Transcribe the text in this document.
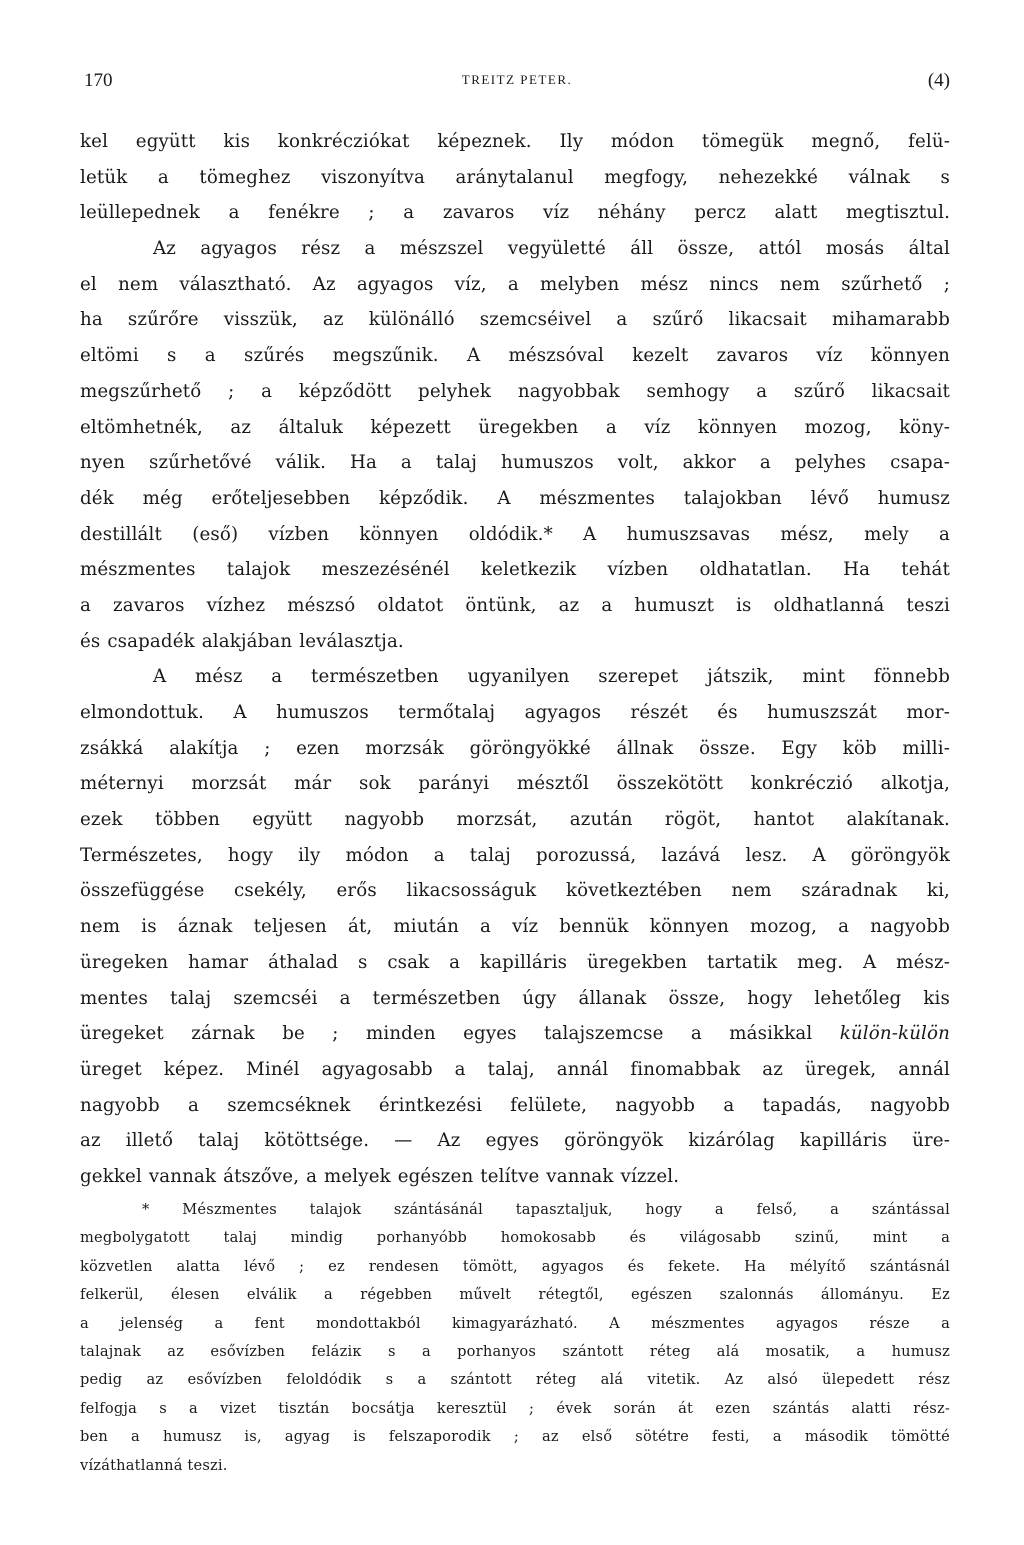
170	TREITZ PETER.	(4)
kel együtt kis konkrécziókat képeznek. Ily módon tömegük megnő, felü-
letük a tömeghez viszonyítva aránytalanul megfogy, nehezekké válnak s
leüllepednek a fenékre ; a zavaros víz néhány percz alatt megtisztul.
Az agyagos rész a mészszel vegyületté áll össze, attól mosás által
el nem választható. Az agyagos víz, a melyben mész nincs nem szűrhető ;
ha szűrőre visszük, az különálló szemcséivel a szűrő likacsait mihamarabb
eltömi s a szűrés megszűnik. A mészsóval kezelt zavaros víz könnyen
megszűrhető ; a képződött pelyhek nagyobbak semhogy a szűrő likacsait
eltömhetnék, az általuk képezett üregekben a víz könnyen mozog, köny-
nyen szűrhetővé válik. Ha a talaj humuszos volt, akkor a pelyhes csapa-
dék még erőteljesebben képződik. A mészmentes talajokban lévő humusz
destillált (eső) vízben könnyen oldódik.* A humuszsavas mész, mely a
mészmentes talajok meszezésénél keletkezik vízben oldhatatlan. Ha tehát
a zavaros vízhez mészsó oldatot öntünk, az a humuszt is oldhatlanná teszi
és csapadék alakjában leválasztja.
A mész a természetben ugyanilyen szerepet játszik, mint fönnebb
elmondottuk. A humuszos termőtalaj agyagos részét és humuszszát mor-
zsákká alakítja ; ezen morzsák göröngyökké állnak össze. Egy köb milli-
méternyi morzsát már sok parányi mésztől összekötött konkréczió alkotja,
ezek többen együtt nagyobb morzsát, azután rögöt, hantot alakítanak.
Természetes, hogy ily módon a talaj porozussá, lazává lesz. A göröngyök
összefüggése csekély, erős likacsosságuk következtében nem száradnak ki,
nem is áznak teljesen át, miután a víz bennük könnyen mozog, a nagyobb
üregeken hamar áthalad s csak a kapilláris üregekben tartatik meg. A mész-
mentes talaj szemcséi a természetben úgy állanak össze, hogy lehetőleg kis
üregeket zárnak be ; minden egyes talajszemcse a másikkal külön-külön
üreget képez. Minél agyagosabb a talaj, annál finomabbak az üregek, annál
nagyobb a szemcséknek érintkezési felülete, nagyobb a tapadás, nagyobb
az illető talaj kötöttsége. — Az egyes göröngyök kizárólag kapilláris üre-
gekkel vannak átszőve, a melyek egészen telítve vannak vízzel.
* Mészmentes talajok szántásánál tapasztaljuk, hogy a felső, a szántással
megbolygatott talaj mindig porhanyóbb homokosabb és világosabb szinű, mint a
közvetlen alatta lévő ; ez rendesen tömött, agyagos és fekete. Ha mélyítő szántásnál
felkerül, élesen elválik a régebben művelt rétegtől, egészen szalonnás állományu. Ez
a jelenség a fent mondottakból kimagyarázható. A mészmentes agyagos része a
talajnak az esővízben feláziк s a porhanyos szántott réteg alá mosatik, a humusz
pedig az esővízben feloldódik s a szántott réteg alá vitetik. Az alsó ülepedett rész
felfogja s a vizet tisztán bocsátja keresztül ; évek során át ezen szántás alatti rész-
ben a humusz is, agyag is felszaporodik ; az első sötétre festi, a második tömötté
vízáthatlanná teszi.
